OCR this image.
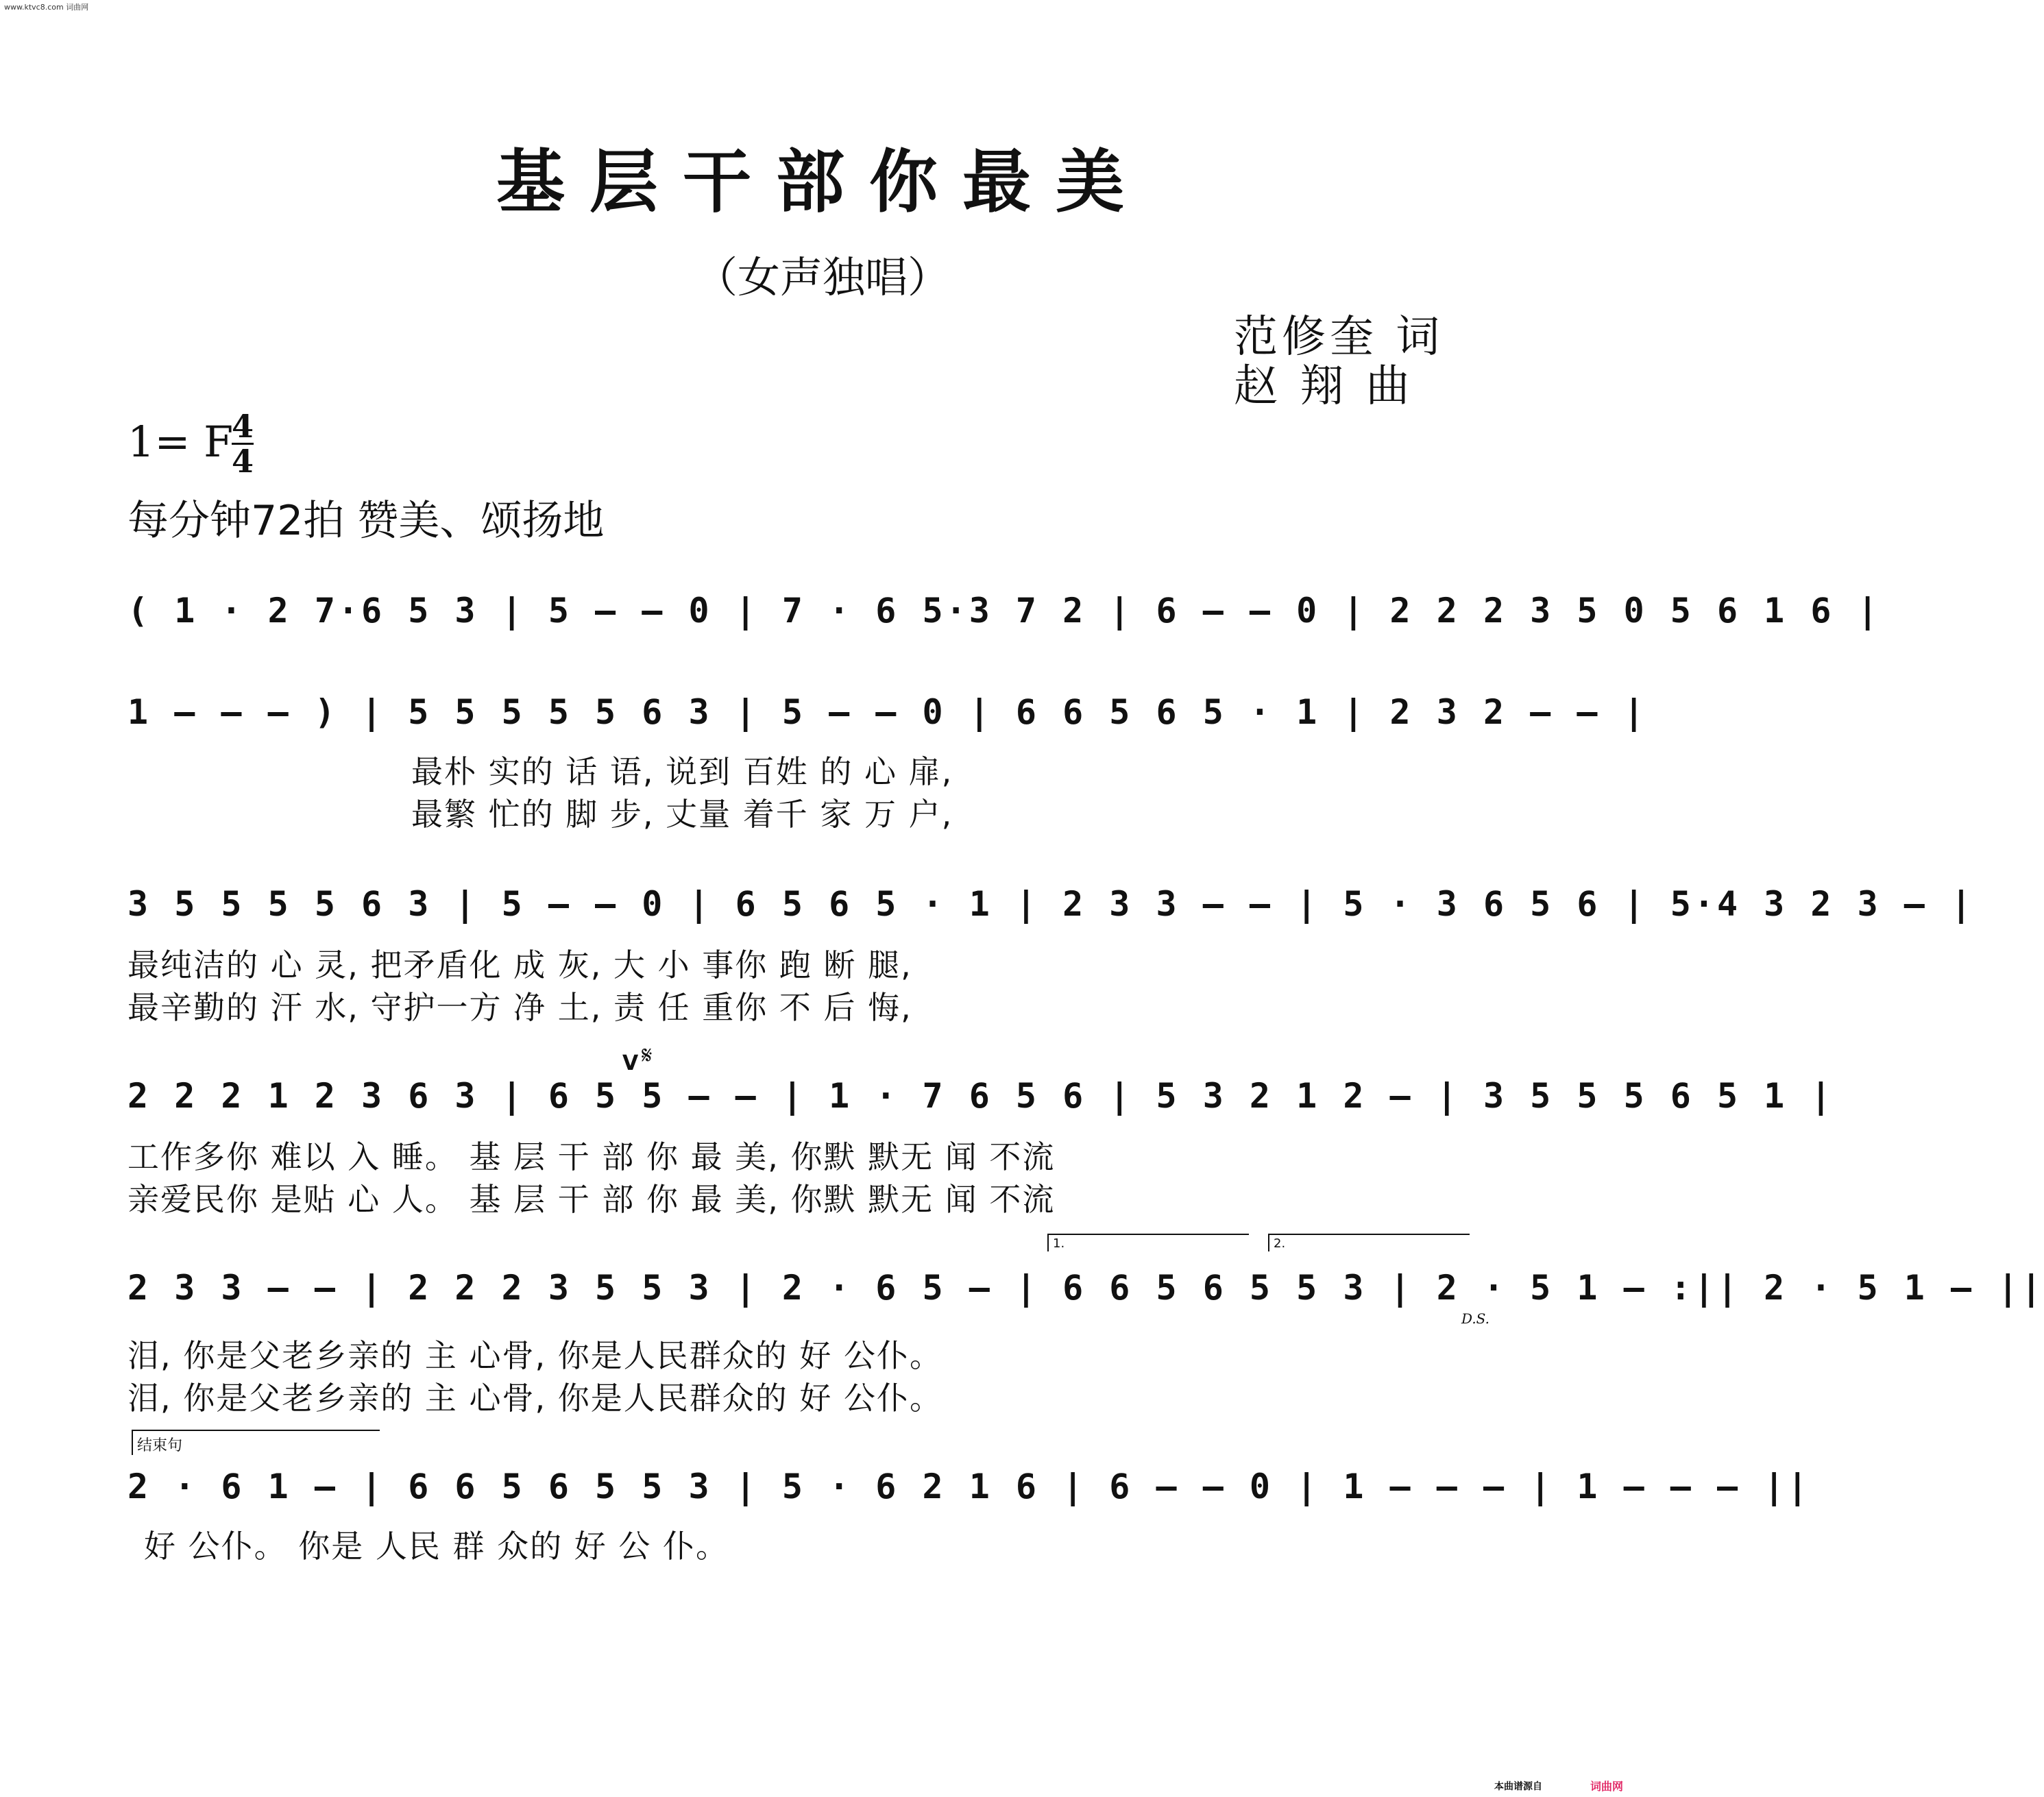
www.ktvc8.com 词曲网
基层干部你最美
（女声独唱）
范修奎 词
赵 翔 曲
1= F
4
4
每分钟72拍 赞美、颂扬地
( 1 · 2 7·6 5 3 | 5 — — 0 | 7 · 6 5·3 7 2 | 6 — — 0 | 2 2 2 3 5 0 5 6 1 6 |
1 — — — ) | 5 5 5 5 5 6 3 | 5 — — 0 | 6 6 5 6 5 · 1 | 2 3 2 — — |
最朴 实的 话 语, 说到 百姓 的 心 扉,
最繁 忙的 脚 步, 丈量 着千 家 万 户,
3 5 5 5 5 6 3 | 5 — — 0 | 6 5 6 5 · 1 | 2 3 3 — — | 5 · 3 6 5 6 | 5·4 3 2 3 — |
最纯洁的 心 灵, 把矛盾化 成 灰, 大 小 事你 跑 断 腿,
最辛勤的 汗 水, 守护一方 净 土, 责 任 重你 不 后 悔,
𝄋
2 2 2 1 2 3 6 3 | 6 5 5 — — | 1 · 7 6 5 6 | 5 3 2 1 2 — | 3 5 5 5 6 5 1 |
工作多你 难以 入 睡。 基 层 干 部 你 最 美, 你默 默无 闻 不流
亲爱民你 是贴 心 人。 基 层 干 部 你 最 美, 你默 默无 闻 不流
1.	2.
2 3 3 — — | 2 2 2 3 5 5 3 | 2 · 6 5 — | 6 6 5 6 5 5 3 | 2 · 5 1 — :|| 2 · 5 1 — ||
D.S.
泪, 你是父老乡亲的 主 心骨, 你是人民群众的 好 公仆。
泪, 你是父老乡亲的 主 心骨, 你是人民群众的 好 公仆。
结束句
2 · 6 1 — | 6 6 5 6 5 5 3 | 5 · 6 2 1 6 | 6 — — 0 | 1 — — — | 1 — — — ||
好 公仆。 你是 人民 群 众的 好 公 仆。
V
本曲谱源自	词曲网
